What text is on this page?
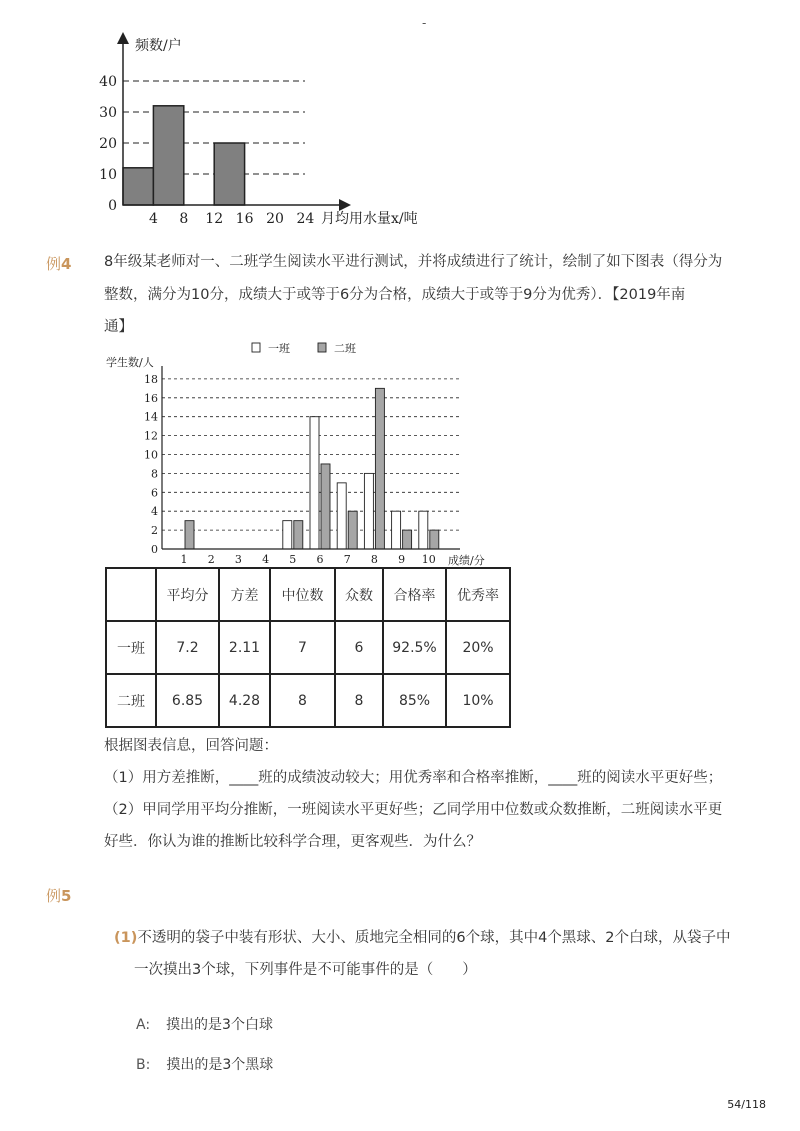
-
0
10
20
30
40
4 8 12 16 20 24
频数/户
月均用水量x/吨
例4 8年级某老师对一、二班学生阅读水平进行测试，并将成绩进行了统计，绘制了如下图表（得分为
整数，满分为10分，成绩大于或等于6分为合格，成绩大于或等于9分为优秀）．【2019年南
通】
一班	二班
0
2
4
6
8
10
12
14
16
18
1 2 3 4 5 6 7 8 9 10
学生数/人
成绩/分
	平均分	方差	中位数	众数	合格率	优秀率
一班	7.2	2.11	7	6	92.5%	20%
二班	6.85	4.28	8	8	85%	10%
根据图表信息，回答问题：
（1）用方差推断，____班的成绩波动较大；用优秀率和合格率推断，____班的阅读水平更好些；
（2）甲同学用平均分推断，一班阅读水平更好些；乙同学用中位数或众数推断，二班阅读水平更
好些．你认为谁的推断比较科学合理，更客观些．为什么？
例5
(1)不透明的袋子中装有形状、大小、质地完全相同的6个球，其中4个黑球、2个白球，从袋子中
一次摸出3个球，下列事件是不可能事件的是（　　）
A: 摸出的是3个白球
B: 摸出的是3个黑球
54/118
